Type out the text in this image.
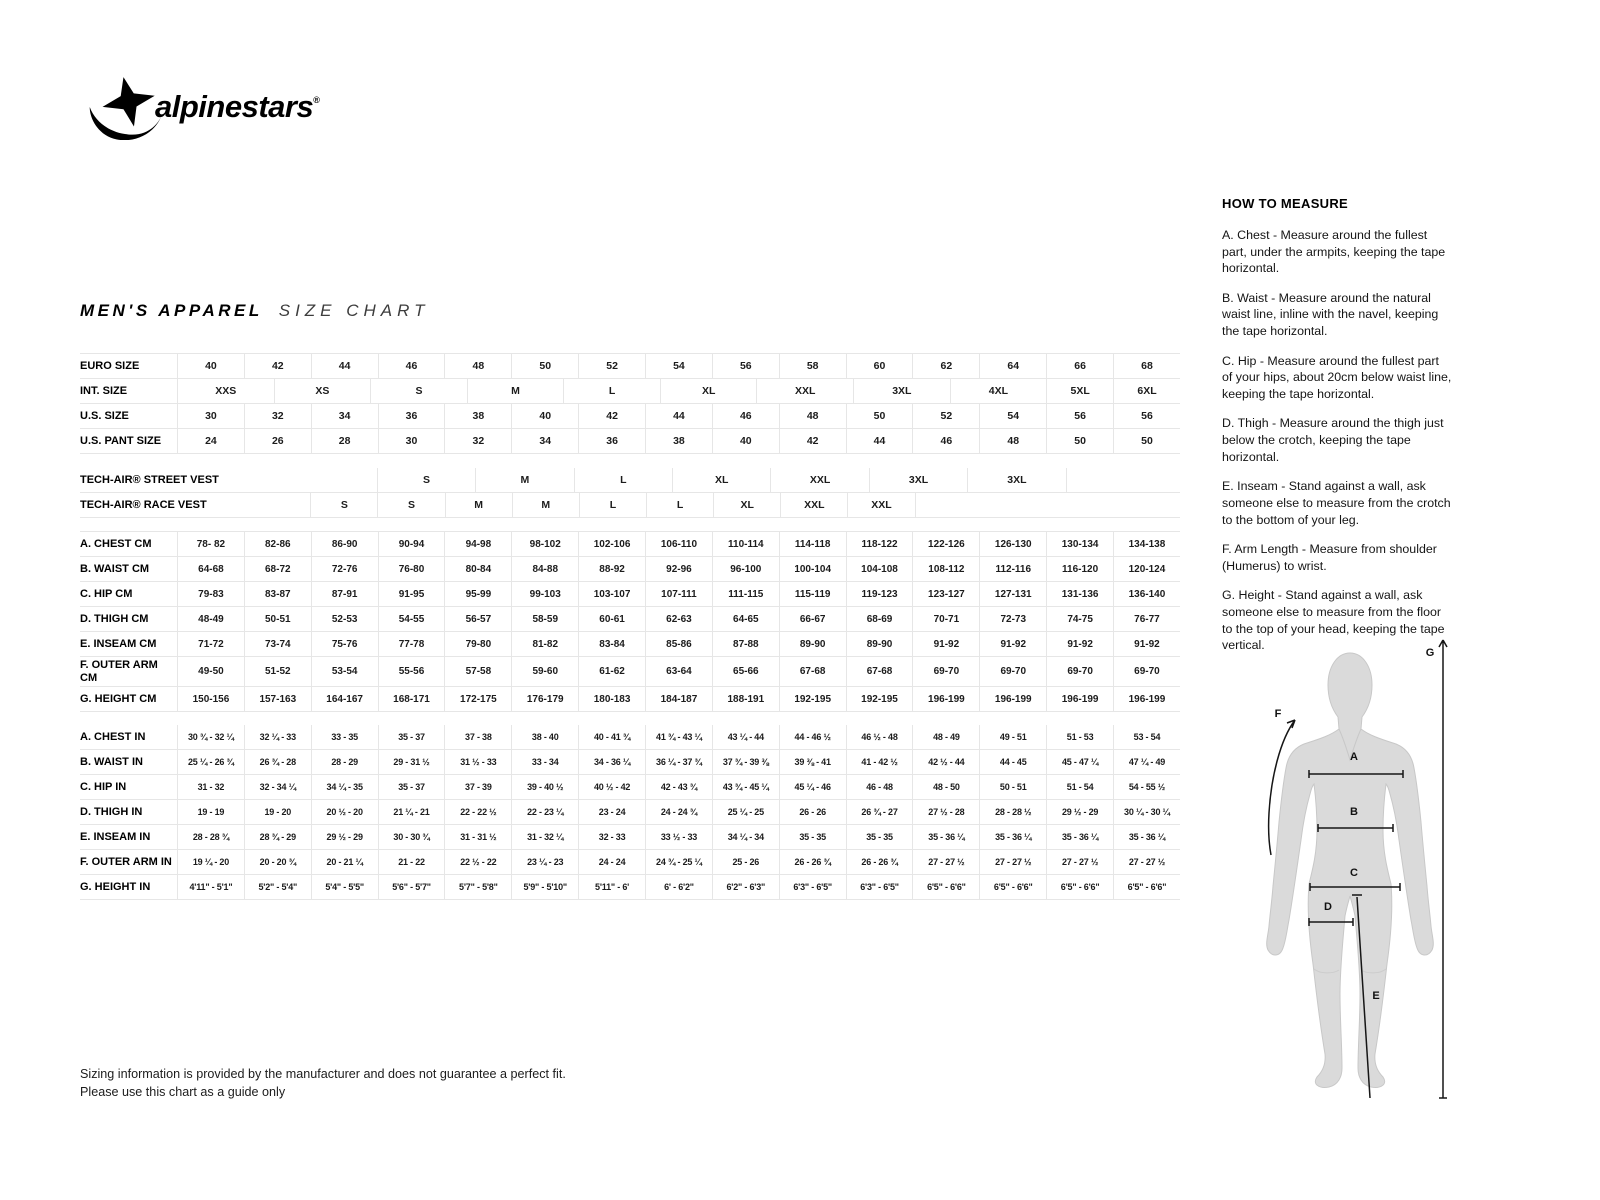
alpinestars®
MEN'S APPAREL SIZE CHART
EURO SIZE	40	42	44	46	48	50	52	54	56	58	60	62	64	66	68
INT. SIZE	XXS	XS	S	M	L	XL	XXL	3XL	4XL	5XL	6XL
U.S. SIZE	30	32	34	36	38	40	42	44	46	48	50	52	54	56	56
U.S. PANT SIZE	24	26	28	30	32	34	36	38	40	42	44	46	48	50	50
TECH-AIR® STREET VEST	S	M	L	XL	XXL	3XL	3XL
TECH-AIR® RACE VEST	S	S	M	M	L	L	XL	XXL	XXL
A. CHEST CM	78- 82	82-86	86-90	90-94	94-98	98-102	102-106	106-110	110-114	114-118	118-122	122-126	126-130	130-134	134-138
B. WAIST CM	64-68	68-72	72-76	76-80	80-84	84-88	88-92	92-96	96-100	100-104	104-108	108-112	112-116	116-120	120-124
C. HIP CM	79-83	83-87	87-91	91-95	95-99	99-103	103-107	107-111	111-115	115-119	119-123	123-127	127-131	131-136	136-140
D. THIGH CM	48-49	50-51	52-53	54-55	56-57	58-59	60-61	62-63	64-65	66-67	68-69	70-71	72-73	74-75	76-77
E. INSEAM CM	71-72	73-74	75-76	77-78	79-80	81-82	83-84	85-86	87-88	89-90	89-90	91-92	91-92	91-92	91-92
F. OUTER ARM CM	49-50	51-52	53-54	55-56	57-58	59-60	61-62	63-64	65-66	67-68	67-68	69-70	69-70	69-70	69-70
G. HEIGHT CM	150-156	157-163	164-167	168-171	172-175	176-179	180-183	184-187	188-191	192-195	192-195	196-199	196-199	196-199	196-199
A. CHEST IN	30 ¾ - 32 ¼	32 ¼ - 33	33 - 35	35 - 37	37 - 38	38 - 40	40 - 41 ¾	41 ¾ - 43 ¼	43 ¼ - 44	44 - 46 ½	46 ½ - 48	48 - 49	49 - 51	51 - 53	53 - 54
B. WAIST IN	25 ¼ - 26 ¾	26 ¾ - 28	28 - 29	29 - 31 ½	31 ½ - 33	33 - 34	34 - 36 ¼	36 ¼ - 37 ¾	37 ¾ - 39 ⅜	39 ⅜ - 41	41 - 42 ½	42 ½ - 44	44 - 45	45 - 47 ¼	47 ¼ - 49
C. HIP IN	31 - 32	32 - 34 ¼	34 ¼ - 35	35 - 37	37 - 39	39 - 40 ½	40 ½ - 42	42 - 43 ¾	43 ¾ - 45 ¼	45 ¼ - 46	46 - 48	48 - 50	50 - 51	51 - 54	54 - 55 ½
D. THIGH IN	19 - 19	19 - 20	20 ½ - 20	21 ¼ - 21	22 - 22 ½	22 - 23 ¼	23 - 24	24 - 24 ¾	25 ¼ - 25	26 - 26	26 ¾ - 27	27 ½ - 28	28 - 28 ½	29 ½ - 29	30 ¼ - 30 ¼
E. INSEAM IN	28 - 28 ¾	28 ¾ - 29	29 ½ - 29	30 - 30 ¾	31 - 31 ½	31 - 32 ¼	32 - 33	33 ½ - 33	34 ¼ - 34	35 - 35	35 - 35	35 - 36 ¼	35 - 36 ¼	35 - 36 ¼	35 - 36 ¼
F. OUTER ARM IN	19 ¼ - 20	20 - 20 ¾	20 - 21 ¼	21 - 22	22 ½ - 22	23 ¼ - 23	24 - 24	24 ¾ - 25 ¼	25 - 26	26 - 26 ¾	26 - 26 ¾	27 - 27 ½	27 - 27 ½	27 - 27 ½	27 - 27 ½
G. HEIGHT IN	4'11" - 5'1"	5'2" - 5'4"	5'4" - 5'5"	5'6" - 5'7"	5'7" - 5'8"	5'9" - 5'10"	5'11" - 6'	6' - 6'2"	6'2" - 6'3"	6'3" - 6'5"	6'3" - 6'5"	6'5" - 6'6"	6'5" - 6'6"	6'5" - 6'6"	6'5" - 6'6"
HOW TO MEASURE

A. Chest - Measure around the fullest part, under the armpits, keeping the tape horizontal.

B. Waist - Measure around the natural waist line, inline with the navel, keeping the tape horizontal.

C. Hip - Measure around the fullest part of your hips, about 20cm below waist line, keeping the tape horizontal.

D. Thigh - Measure around the thigh just below the crotch, keeping the tape horizontal.

E. Inseam - Stand against a wall, ask someone else to measure from the crotch to the bottom of your leg.

F. Arm Length - Measure from shoulder (Humerus) to wrist.

G. Height - Stand against a wall, ask someone else to measure from the floor to the top of your head, keeping the tape vertical.

A
B
C
D
E
F
G
Sizing information is provided by the manufacturer and does not guarantee a perfect fit.
Please use this chart as a guide only
